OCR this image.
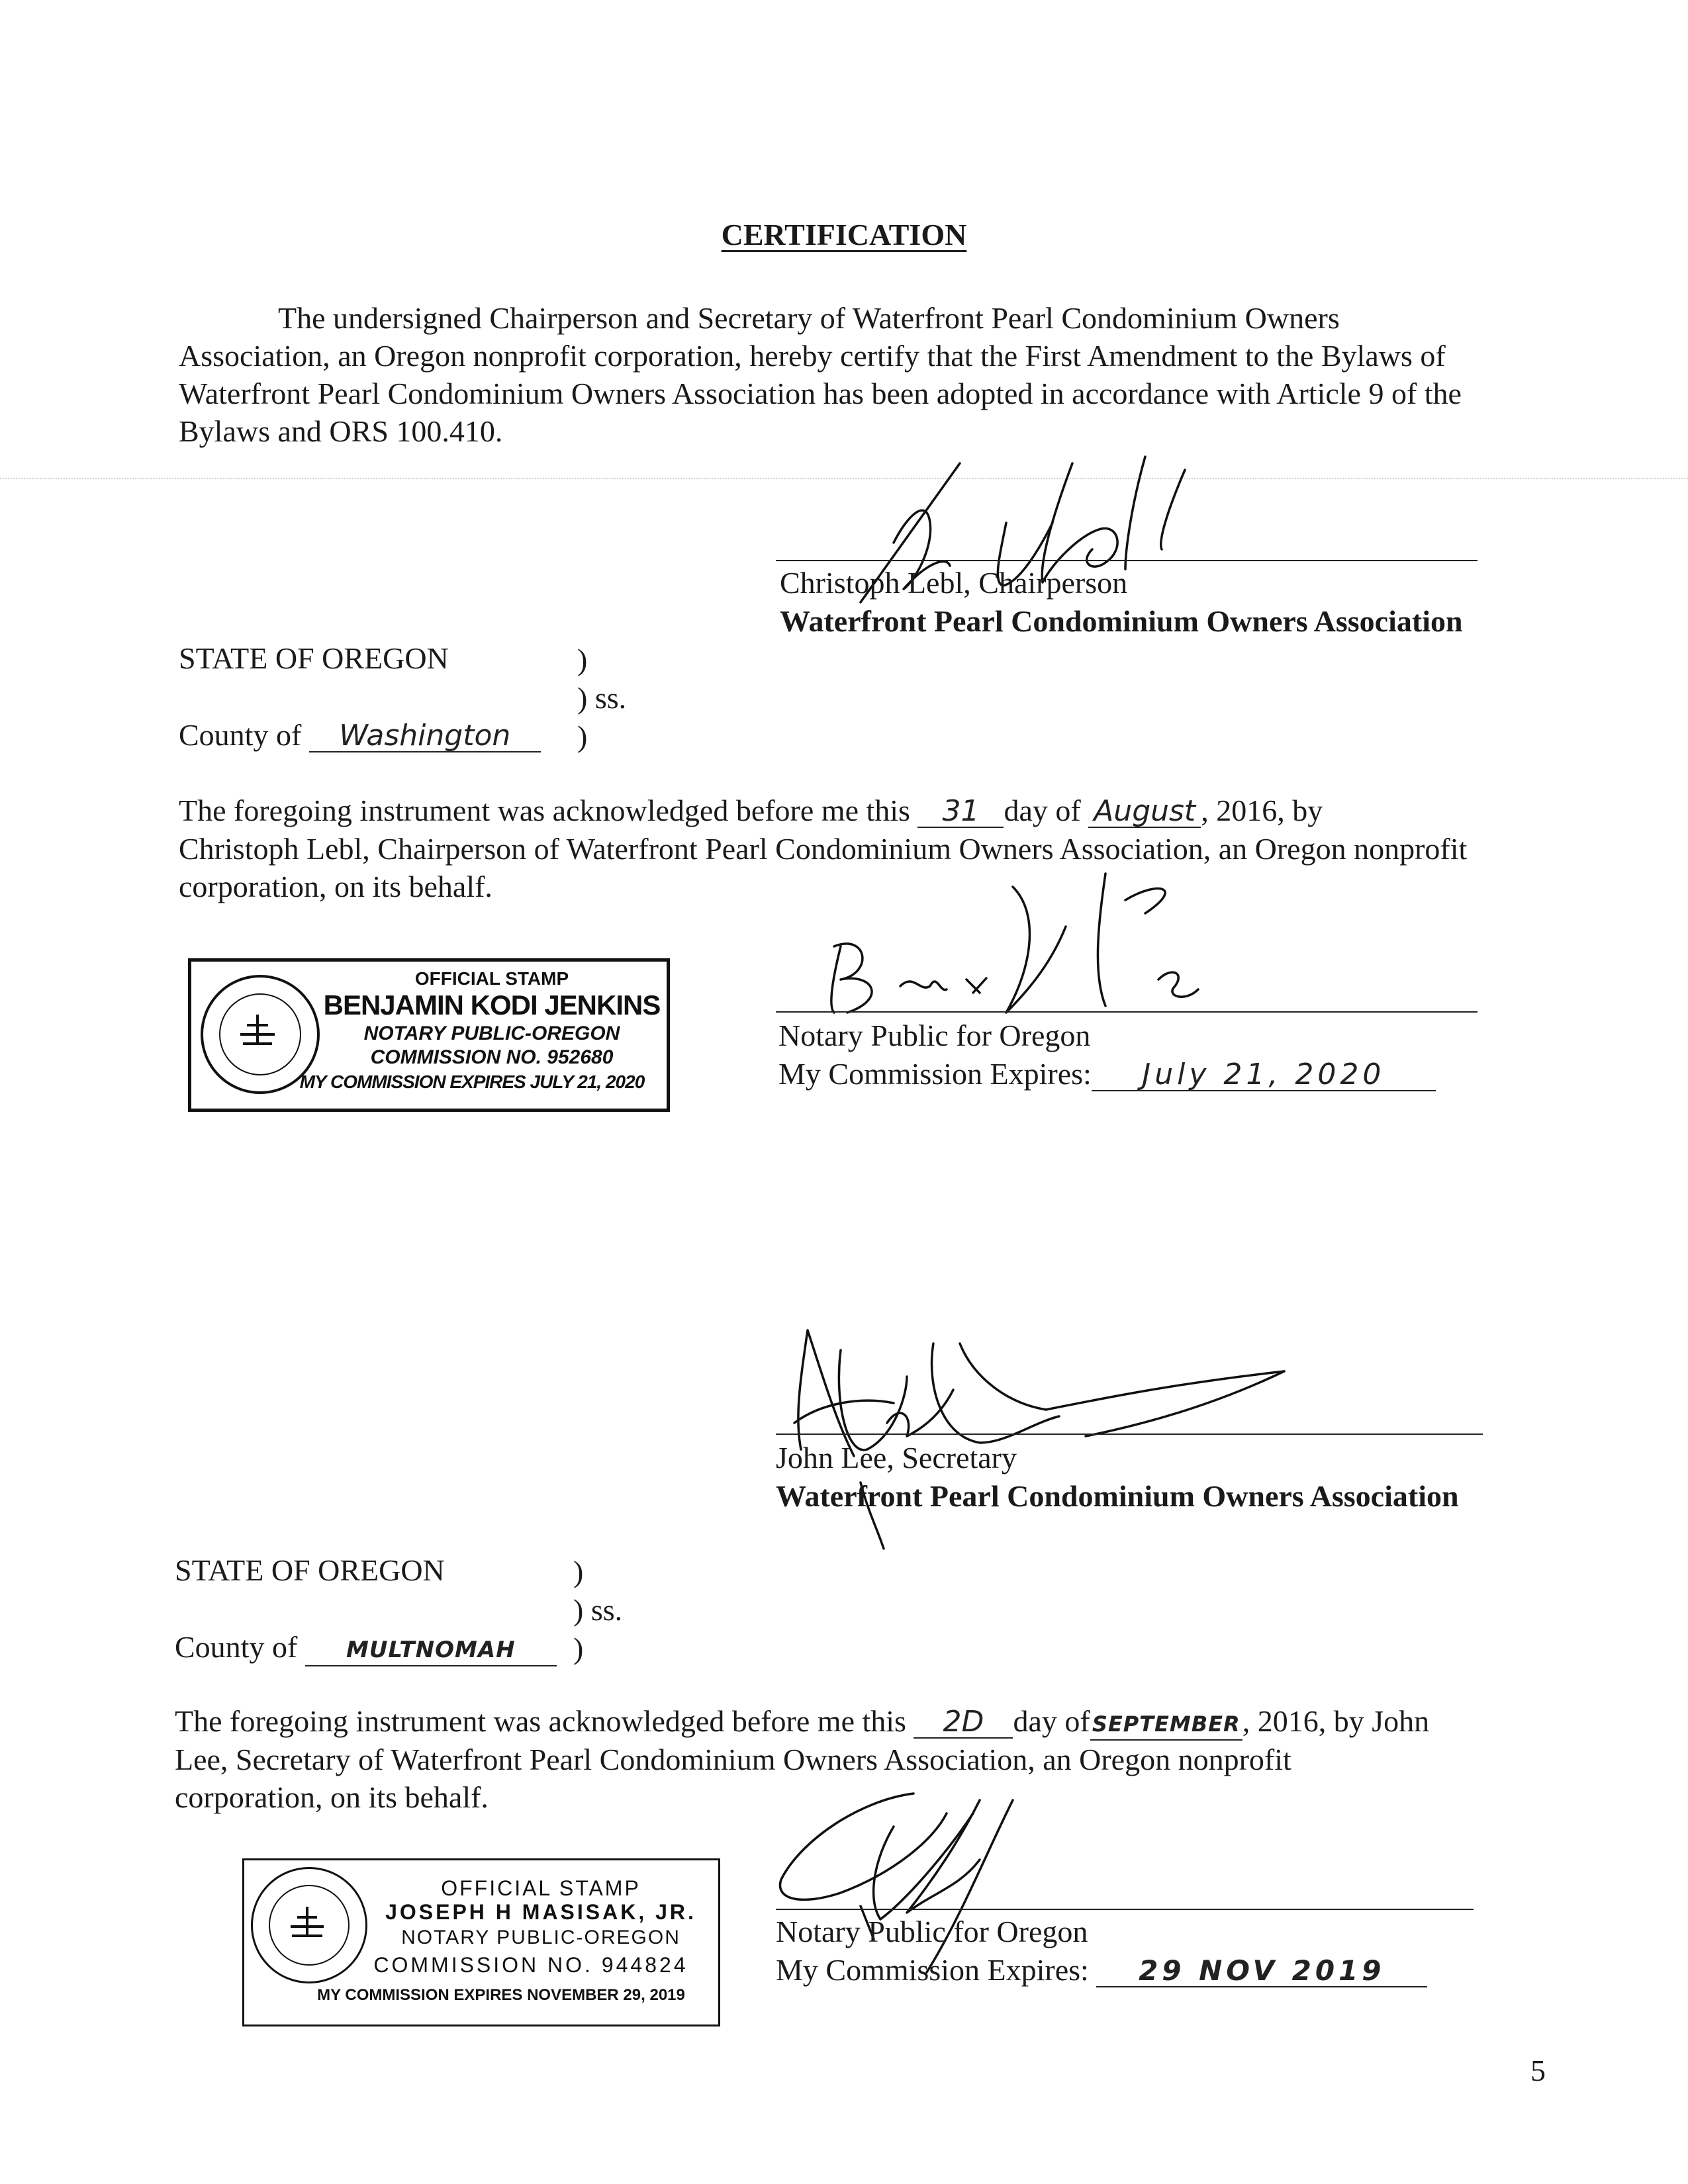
CERTIFICATION
The undersigned Chairperson and Secretary of Waterfront Pearl Condominium Owners Association, an Oregon nonprofit corporation, hereby certify that the First Amendment to the Bylaws of Waterfront Pearl Condominium Owners Association has been adopted in accordance with Article 9 of the Bylaws and ORS 100.410.
Christoph Lebl, Chairperson
Waterfront Pearl Condominium Owners Association
STATE OF OREGON	)
) ss.
County of Washington	)
The foregoing instrument was acknowledged before me this 31 day of August , 2016, by
Christoph Lebl, Chairperson of Waterfront Pearl Condominium Owners Association, an Oregon nonprofit corporation, on its behalf.
OFFICIAL STAMP
BENJAMIN KODI JENKINS
NOTARY PUBLIC-OREGON
COMMISSION NO. 952680
MY COMMISSION EXPIRES JULY 21, 2020
Notary Public for Oregon
My Commission Expires: July 21, 2020
John Lee, Secretary
Waterfront Pearl Condominium Owners Association
STATE OF OREGON	)
) ss.
County of MULTNOMAH	)
The foregoing instrument was acknowledged before me this 2D day ofSEPTEMBER, 2016, by John
Lee, Secretary of Waterfront Pearl Condominium Owners Association, an Oregon nonprofit corporation, on its behalf.
OFFICIAL STAMP
JOSEPH H MASISAK, JR.
NOTARY PUBLIC-OREGON
COMMISSION NO. 944824
MY COMMISSION EXPIRES NOVEMBER 29, 2019
Notary Public for Oregon
My Commission Expires: 29 NOV 2019
5
